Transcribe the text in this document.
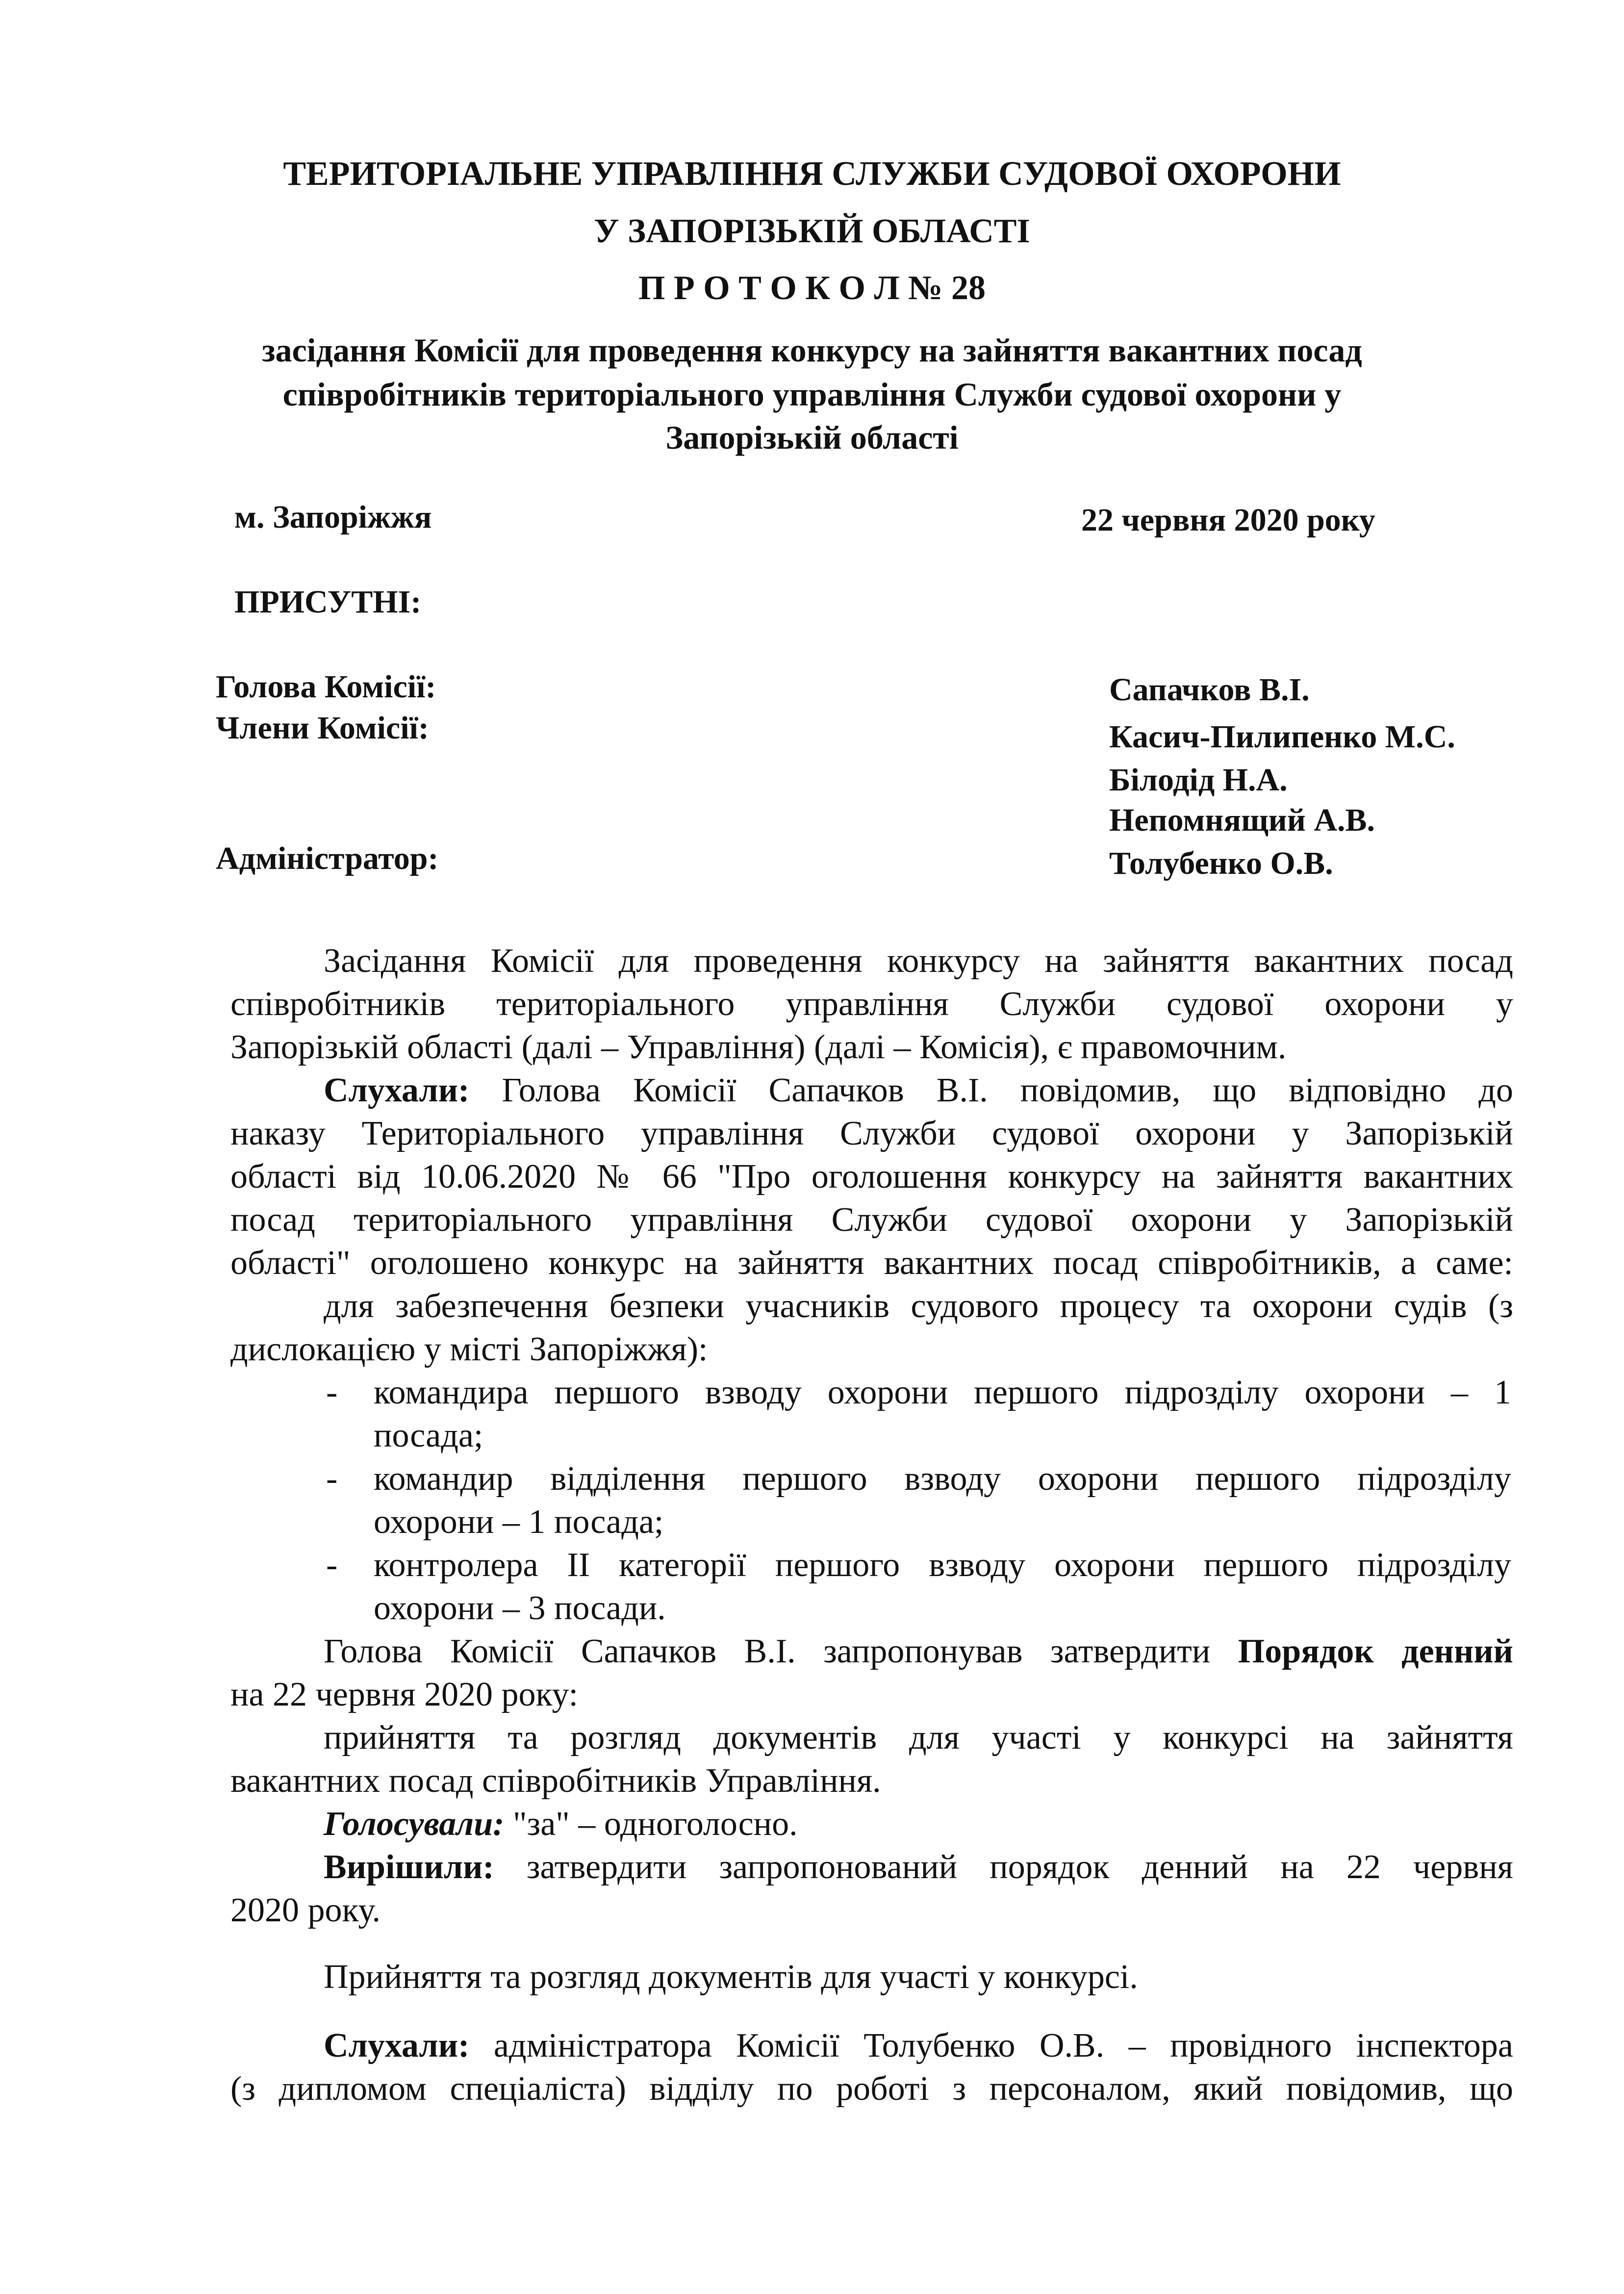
ТЕРИТОРІАЛЬНЕ УПРАВЛІННЯ СЛУЖБИ СУДОВОЇ ОХОРОНИ
У ЗАПОРІЗЬКІЙ ОБЛАСТІ
П Р О Т О К О Л № 28
засідання Комісії для проведення конкурсу на зайняття вакантних посад
співробітників територіального управління Служби судової охорони у
Запорізькій області
м. Запоріжжя	22 червня 2020 року
ПРИСУТНІ:
Голова Комісії:	Сапачков В.І.
Члени Комісії:	Касич-Пилипенко М.С.
Білодід Н.А.
Непомнящий А.В.
Адміністратор:	Толубенко О.В.
Засідання Комісії для проведення конкурсу на зайняття вакантних посад
співробітників територіального управління Служби судової охорони у
Запорізькій області (далі – Управління) (далі – Комісія), є правомочним.
Слухали: Голова Комісії Сапачков В.І. повідомив, що відповідно до
наказу Територіального управління Служби судової охорони у Запорізькій
області від 10.06.2020 № 66 "Про оголошення конкурсу на зайняття вакантних
посад територіального управління Служби судової охорони у Запорізькій
області" оголошено конкурс на зайняття вакантних посад співробітників, а саме:
для забезпечення безпеки учасників судового процесу та охорони судів (з
дислокацією у місті Запоріжжя):
- командира першого взводу охорони першого підрозділу охорони – 1
посада;
- командир відділення першого взводу охорони першого підрозділу
охорони – 1 посада;
- контролера ІІ категорії першого взводу охорони першого підрозділу
охорони – 3 посади.
Голова Комісії Сапачков В.І. запропонував затвердити Порядок денний
на 22 червня 2020 року:
прийняття та розгляд документів для участі у конкурсі на зайняття
вакантних посад співробітників Управління.
Голосували: "за" – одноголосно.
Вирішили: затвердити запропонований порядок денний на 22 червня
2020 року.
Прийняття та розгляд документів для участі у конкурсі.
Слухали: адміністратора Комісії Толубенко О.В. – провідного інспектора
(з дипломом спеціаліста) відділу по роботі з персоналом, який повідомив, що
